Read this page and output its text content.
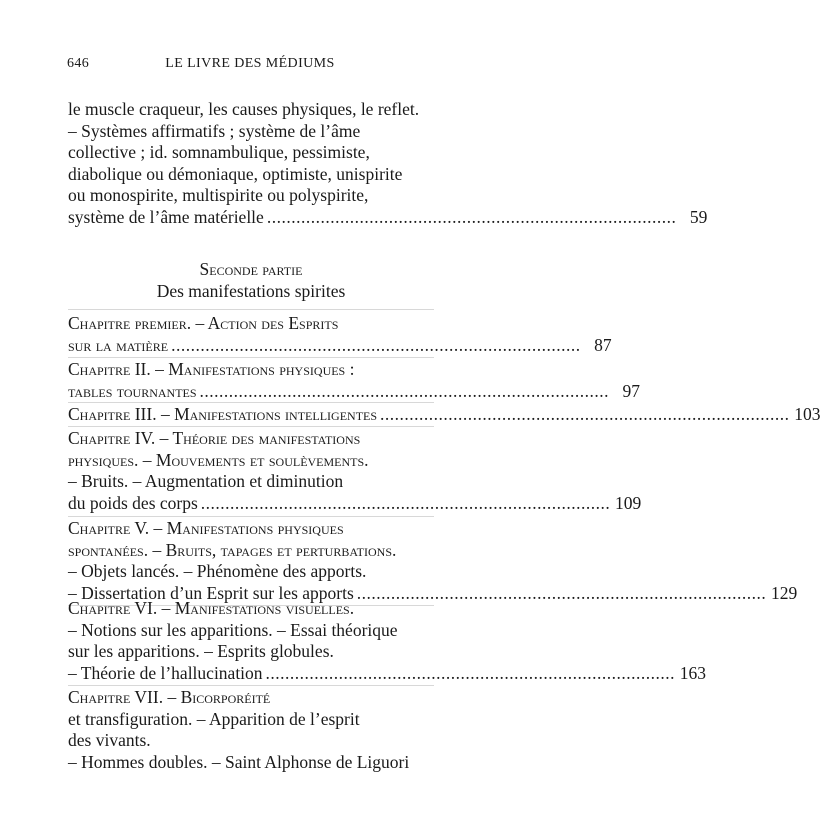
646	LE LIVRE DES MÉDIUMS
le muscle craqueur, les causes physiques, le reflet.
– Systèmes affirmatifs ; système de l’âme
collective ; id. somnambulique, pessimiste,
diabolique ou démoniaque, optimiste, unispirite
ou monospirite, multispirite ou polyspirite,
système de l’âme matérielle .................................................................................... 59
Seconde partie
Des manifestations spirites
Chapitre premier. – Action des Esprits
sur la matière .................................................................................... 87
Chapitre II. – Manifestations physiques :
tables tournantes .................................................................................... 97
Chapitre III. – Manifestations intelligentes .................................................................................... 103
Chapitre IV. – Théorie des manifestations
physiques. – Mouvements et soulèvements.
– Bruits. – Augmentation et diminution
du poids des corps .................................................................................... 109
Chapitre V. – Manifestations physiques
spontanées. – Bruits, tapages et perturbations.
– Objets lancés. – Phénomène des apports.
– Dissertation d’un Esprit sur les apports .................................................................................... 129
Chapitre VI. – Manifestations visuelles.
– Notions sur les apparitions. – Essai théorique
sur les apparitions. – Esprits globules.
– Théorie de l’hallucination .................................................................................... 163
Chapitre VII. – Bicorporéité
et transfiguration. – Apparition de l’esprit
des vivants.
– Hommes doubles. – Saint Alphonse de Liguori
